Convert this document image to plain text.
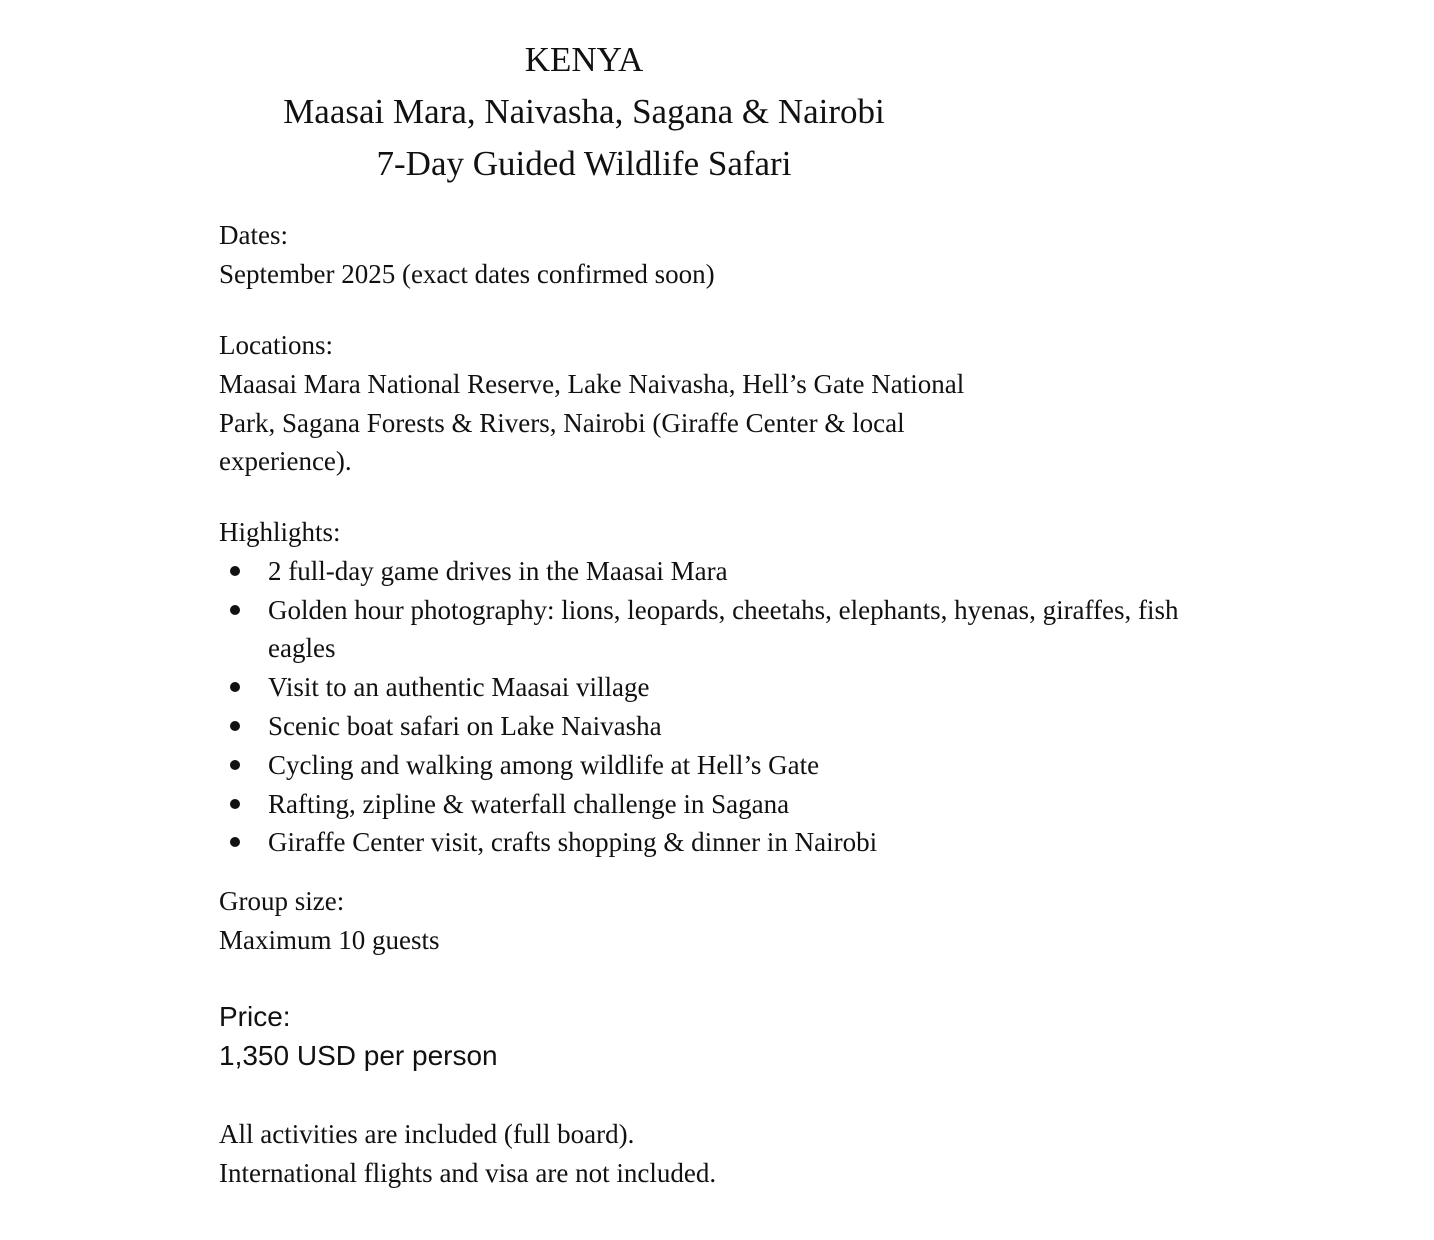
KENYA
Maasai Mara, Naivasha, Sagana & Nairobi
7-Day Guided Wildlife Safari

Dates:

September 2025 (exact dates confirmed soon)

Locations:

Maasai Mara National Reserve, Lake Naivasha, Hell’s Gate National

Park, Sagana Forests & Rivers, Nairobi (Giraffe Center & local

experience).

Highlights:

2 full-day game drives in the Maasai Mara
Golden hour photography: lions, leopards, cheetahs, elephants, hyenas, giraffes, fish eagles
Visit to an authentic Maasai village
Scenic boat safari on Lake Naivasha
Cycling and walking among wildlife at Hell’s Gate
Rafting, zipline & waterfall challenge in Sagana
Giraffe Center visit, crafts shopping & dinner in Nairobi

Group size:

Maximum 10 guests

Price:

1,350 USD per person

All activities are included (full board).

International flights and visa are not included.
